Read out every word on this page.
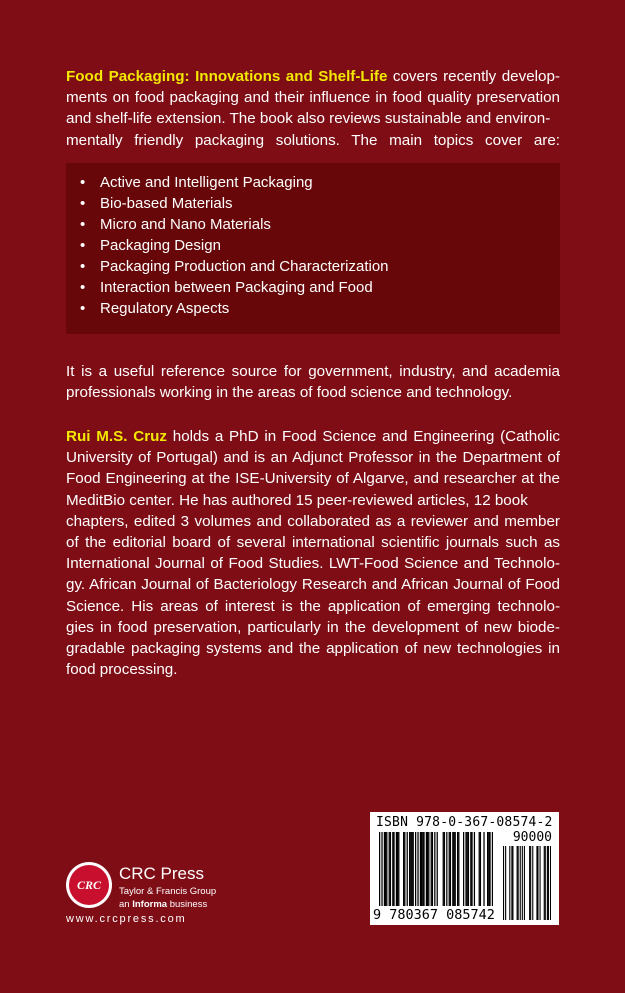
Food Packaging: Innovations and Shelf-Life covers recently develop-
ments on food packaging and their influence in food quality preservation
and shelf-life extension. The book also reviews sustainable and environ-
mentally friendly packaging solutions. The main topics cover are:

• Active and Intelligent Packaging
• Bio-based Materials
• Micro and Nano Materials
• Packaging Design
• Packaging Production and Characterization
• Interaction between Packaging and Food
• Regulatory Aspects

It is a useful reference source for government, industry, and academia
professionals working in the areas of food science and technology.

Rui M.S. Cruz holds a PhD in Food Science and Engineering (Catholic
University of Portugal) and is an Adjunct Professor in the Department of
Food Engineering at the ISE-University of Algarve, and researcher at the
MeditBio center. He has authored 15 peer-reviewed articles, 12 book
chapters, edited 3 volumes and collaborated as a reviewer and member
of the editorial board of several international scientific journals such as
International Journal of Food Studies. LWT-Food Science and Technolo-
gy. African Journal of Bacteriology Research and African Journal of Food
Science. His areas of interest is the application of emerging technolo-
gies in food preservation, particularly in the development of new biode-
gradable packaging systems and the application of new technologies in
food processing.

CRC
CRC Press
Taylor & Francis Group
an Informa business
www.crcpress.com
ISBN 978-0-367-08574-2
90000
9 780367 085742
